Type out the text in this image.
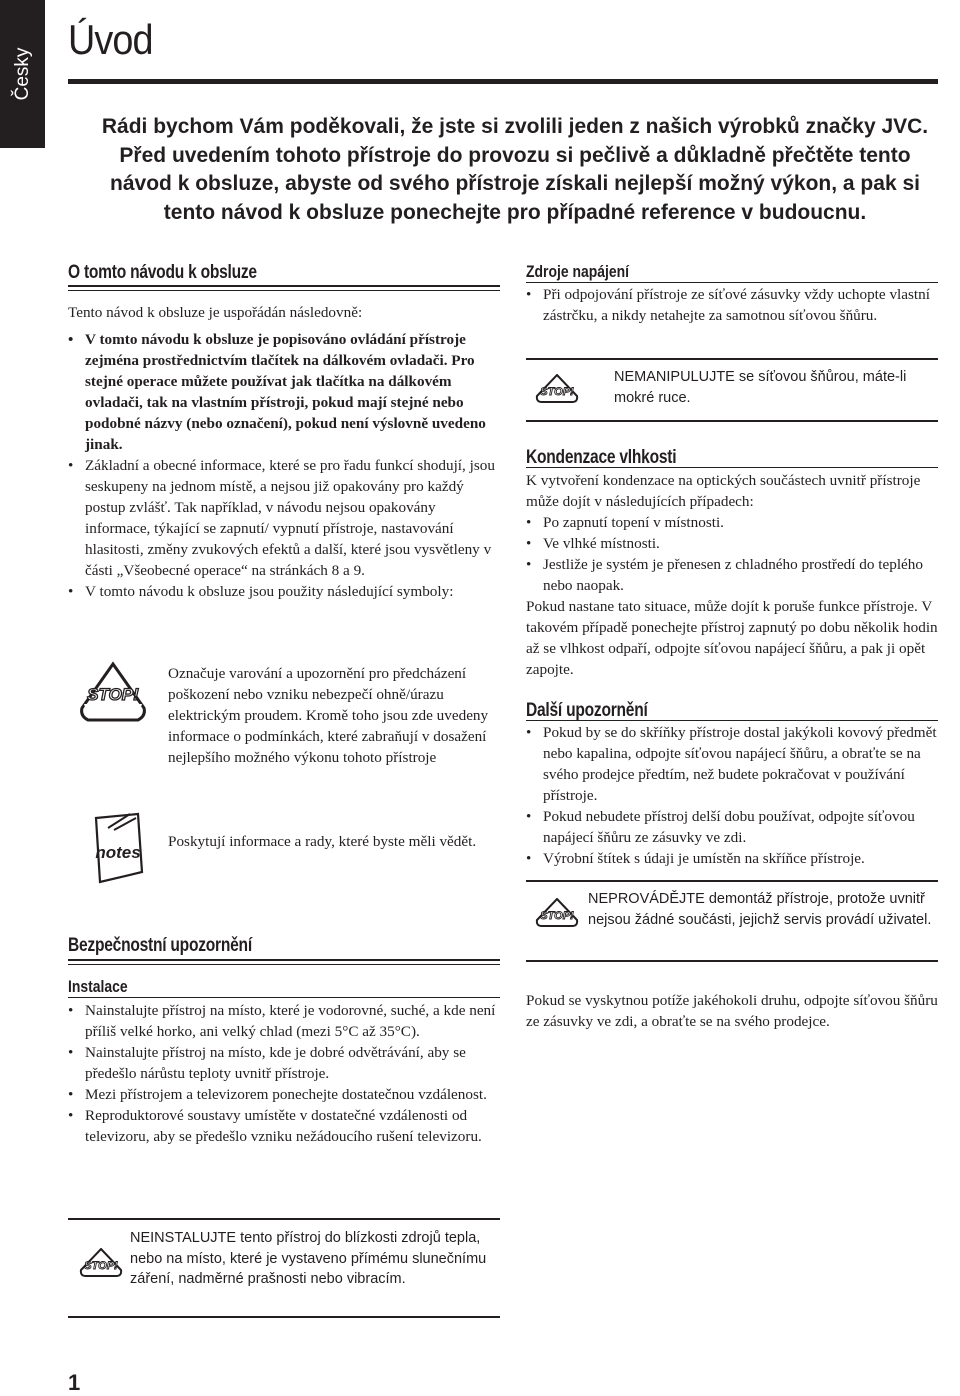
Česky
Úvod
Rádi bychom Vám poděkovali, že jste si zvolili jeden z našich výrobků značky JVC. Před uvedením tohoto přístroje do provozu si pečlivě a důkladně přečtěte tento návod k obsluze, abyste od svého přístroje získali nejlepší možný výkon, a pak si tento návod k obsluze ponechejte pro případné reference v budoucnu.
O tomto návodu k obsluze

Tento návod k obsluze je uspořádán následovně:

• V tomto návodu k obsluze je popisováno ovládání přístroje zejména prostřednictvím tlačítek na dálkovém ovladači. Pro stejné operace můžete používat jak tlačítka na dálkovém ovladači, tak na vlastním přístroji, pokud mají stejné nebo podobné názvy (nebo označení), pokud není výslovně uvedeno jinak.
• Základní a obecné informace, které se pro řadu funkcí shodují, jsou seskupeny na jednom místě, a nejsou již opakovány pro každý postup zvlášť. Tak například, v návodu nejsou opakovány informace, týkající se zapnutí/ vypnutí přístroje, nastavování hlasitosti, změny zvukových efektů a další, které jsou vysvětleny v části „Všeobecné operace“ na stránkách 8 a 9.
• V tomto návodu k obsluze jsou použity následující symboly:
STOP!
Označuje varování a upozornění pro předcházení poškození nebo vzniku nebezpečí ohně/úrazu elektrickým proudem. Kromě toho jsou zde uvedeny informace o podmínkách, které zabraňují v dosažení nejlepšího možného výkonu tohoto přístroje
notes
Poskytují informace a rady, které byste měli vědět.
Bezpečnostní upozornění
Instalace
• Nainstalujte přístroj na místo, které je vodorovné, suché, a kde není příliš velké horko, ani velký chlad (mezi 5°C až 35°C).
• Nainstalujte přístroj na místo, kde je dobré odvětrávání, aby se předešlo nárůstu teploty uvnitř přístroje.
• Mezi přístrojem a televizorem ponechejte dostatečnou vzdálenost.
• Reproduktorové soustavy umístěte v dostatečné vzdálenosti od televizoru, aby se předešlo vzniku nežádoucího rušení televizoru.
STOP!
NEINSTALUJTE tento přístroj do blízkosti zdrojů tepla, nebo na místo, které je vystaveno přímému slunečnímu záření, nadměrné prašnosti nebo vibracím.
Zdroje napájení
• Při odpojování přístroje ze síťové zásuvky vždy uchopte vlastní zástrčku, a nikdy netahejte za samotnou síťovou šňůru.
STOP!
NEMANIPULUJTE se síťovou šňůrou, máte-li mokré ruce.
Kondenzace vlhkosti

K vytvoření kondenzace na optických součástech uvnitř přístroje může dojít v následujících případech:

• Po zapnutí topení v místnosti.
• Ve vlhké místnosti.
• Jestliže je systém je přenesen z chladného prostředí do teplého nebo naopak.

Pokud nastane tato situace, může dojít k poruše funkce přístroje. V takovém případě ponechejte přístroj zapnutý po dobu několik hodin až se vlhkost odpaří, odpojte síťovou napájecí šňůru, a pak ji opět zapojte.

Další upozornění
• Pokud by se do skříňky přístroje dostal jakýkoli kovový předmět nebo kapalina, odpojte síťovou napájecí šňůru, a obraťte se na svého prodejce předtím, než budete pokračovat v používání přístroje.
• Pokud nebudete přístroj delší dobu používat, odpojte síťovou napájecí šňůru ze zásuvky ve zdi.
• Výrobní štítek s údaji je umístěn na skříňce přístroje.
STOP!
NEPROVÁDĚJTE demontáž přístroje, protože uvnitř nejsou žádné součásti, jejichž servis provádí uživatel.
Pokud se vyskytnou potíže jakéhokoli druhu, odpojte síťovou šňůru ze zásuvky ve zdi, a obraťte se na svého prodejce.
1
